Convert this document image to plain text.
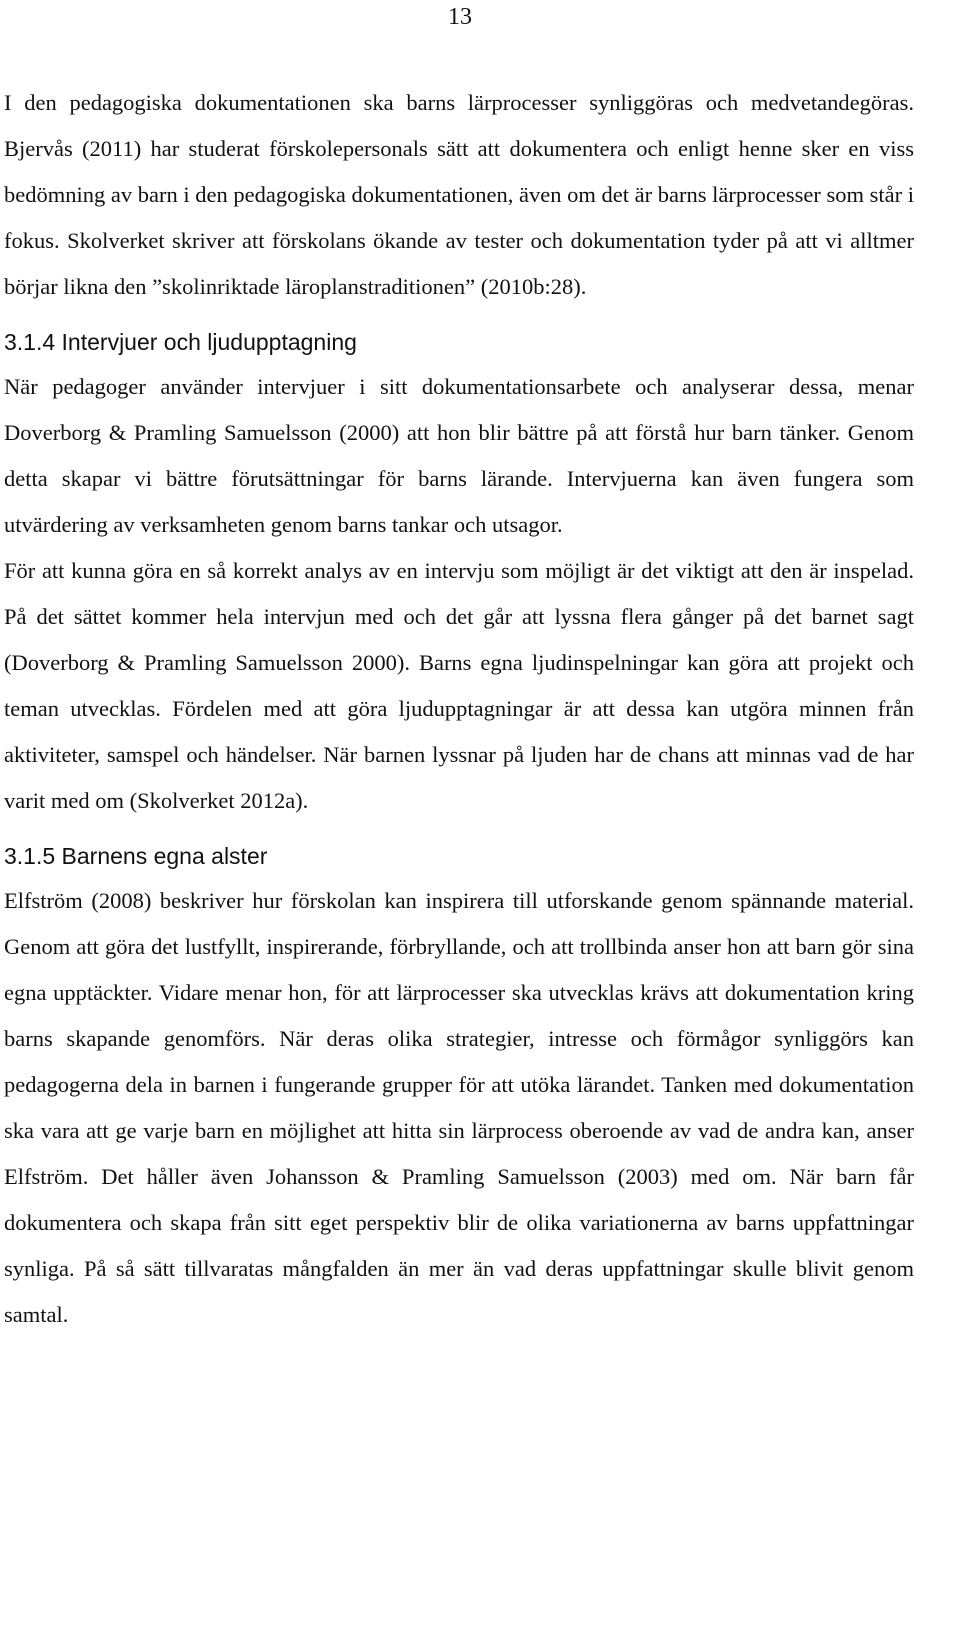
13

I den pedagogiska dokumentationen ska barns lärprocesser synliggöras och medvetandegöras. Bjervås (2011) har studerat förskolepersonals sätt att dokumentera och enligt henne sker en viss bedömning av barn i den pedagogiska dokumentationen, även om det är barns lärprocesser som står i fokus. Skolverket skriver att förskolans ökande av tester och dokumentation tyder på att vi alltmer börjar likna den ”skolinriktade läroplanstraditionen” (2010b:28).

3.1.4 Intervjuer och ljudupptagning

När pedagoger använder intervjuer i sitt dokumentationsarbete och analyserar dessa, menar Doverborg & Pramling Samuelsson (2000) att hon blir bättre på att förstå hur barn tänker. Genom detta skapar vi bättre förutsättningar för barns lärande. Intervjuerna kan även fungera som utvärdering av verksamheten genom barns tankar och utsagor.

För att kunna göra en så korrekt analys av en intervju som möjligt är det viktigt att den är inspelad. På det sättet kommer hela intervjun med och det går att lyssna flera gånger på det barnet sagt (Doverborg & Pramling Samuelsson 2000). Barns egna ljudinspelningar kan göra att projekt och teman utvecklas. Fördelen med att göra ljudupptagningar är att dessa kan utgöra minnen från aktiviteter, samspel och händelser. När barnen lyssnar på ljuden har de chans att minnas vad de har varit med om (Skolverket 2012a).

3.1.5 Barnens egna alster

Elfström (2008) beskriver hur förskolan kan inspirera till utforskande genom spännande material. Genom att göra det lustfyllt, inspirerande, förbryllande, och att trollbinda anser hon att barn gör sina egna upptäckter. Vidare menar hon, för att lärprocesser ska utvecklas krävs att dokumentation kring barns skapande genomförs. När deras olika strategier, intresse och förmågor synliggörs kan pedagogerna dela in barnen i fungerande grupper för att utöka lärandet. Tanken med dokumentation ska vara att ge varje barn en möjlighet att hitta sin lärprocess oberoende av vad de andra kan, anser Elfström. Det håller även Johansson & Pramling Samuelsson (2003) med om. När barn får dokumentera och skapa från sitt eget perspektiv blir de olika variationerna av barns uppfattningar synliga. På så sätt tillvaratas mångfalden än mer än vad deras uppfattningar skulle blivit genom samtal.
